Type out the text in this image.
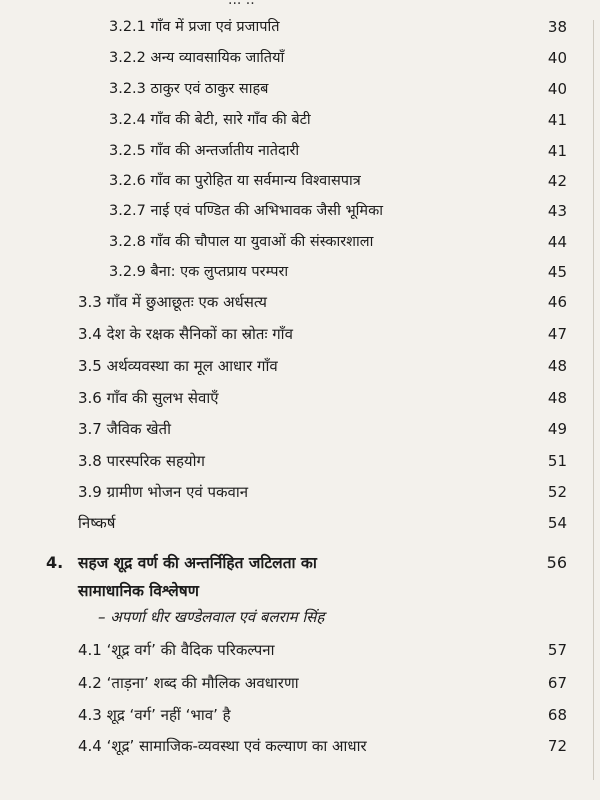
... ..
3.2.1 गाँव में प्रजा एवं प्रजापति	38
3.2.2 अन्य व्यावसायिक जातियाँ	40
3.2.3 ठाकुर एवं ठाकुर साहब	40
3.2.4 गाँव की बेटी, सारे गाँव की बेटी	41
3.2.5 गाँव की अन्तर्जातीय नातेदारी	41
3.2.6 गाँव का पुरोहित या सर्वमान्य विश्वासपात्र	42
3.2.7 नाई एवं पण्डित की अभिभावक जैसी भूमिका	43
3.2.8 गाँव की चौपाल या युवाओं की संस्कारशाला	44
3.2.9 बैना: एक लुप्तप्राय परम्परा	45
3.3 गाँव में छुआछूतः एक अर्धसत्य	46
3.4 देश के रक्षक सैनिकों का स्रोतः गाँव	47
3.5 अर्थव्यवस्था का मूल आधार गाँव	48
3.6 गाँव की सुलभ सेवाएँ	48
3.7 जैविक खेती	49
3.8 पारस्परिक सहयोग	51
3.9 ग्रामीण भोजन एवं पकवान	52
निष्कर्ष	54
4. सहज शूद्र वर्ण की अन्तर्निहित जटिलता का	56
सामाधानिक विश्लेषण
– अपर्णा धीर खण्डेलवाल एवं बलराम सिंह
4.1 ‘शूद्र वर्ग’ की वैदिक परिकल्पना	57
4.2 ‘ताड़ना’ शब्द की मौलिक अवधारणा	67
4.3 शूद्र ‘वर्ग’ नहीं ‘भाव’ है	68
4.4 ‘शूद्र’ सामाजिक-व्यवस्था एवं कल्याण का आधार	72
